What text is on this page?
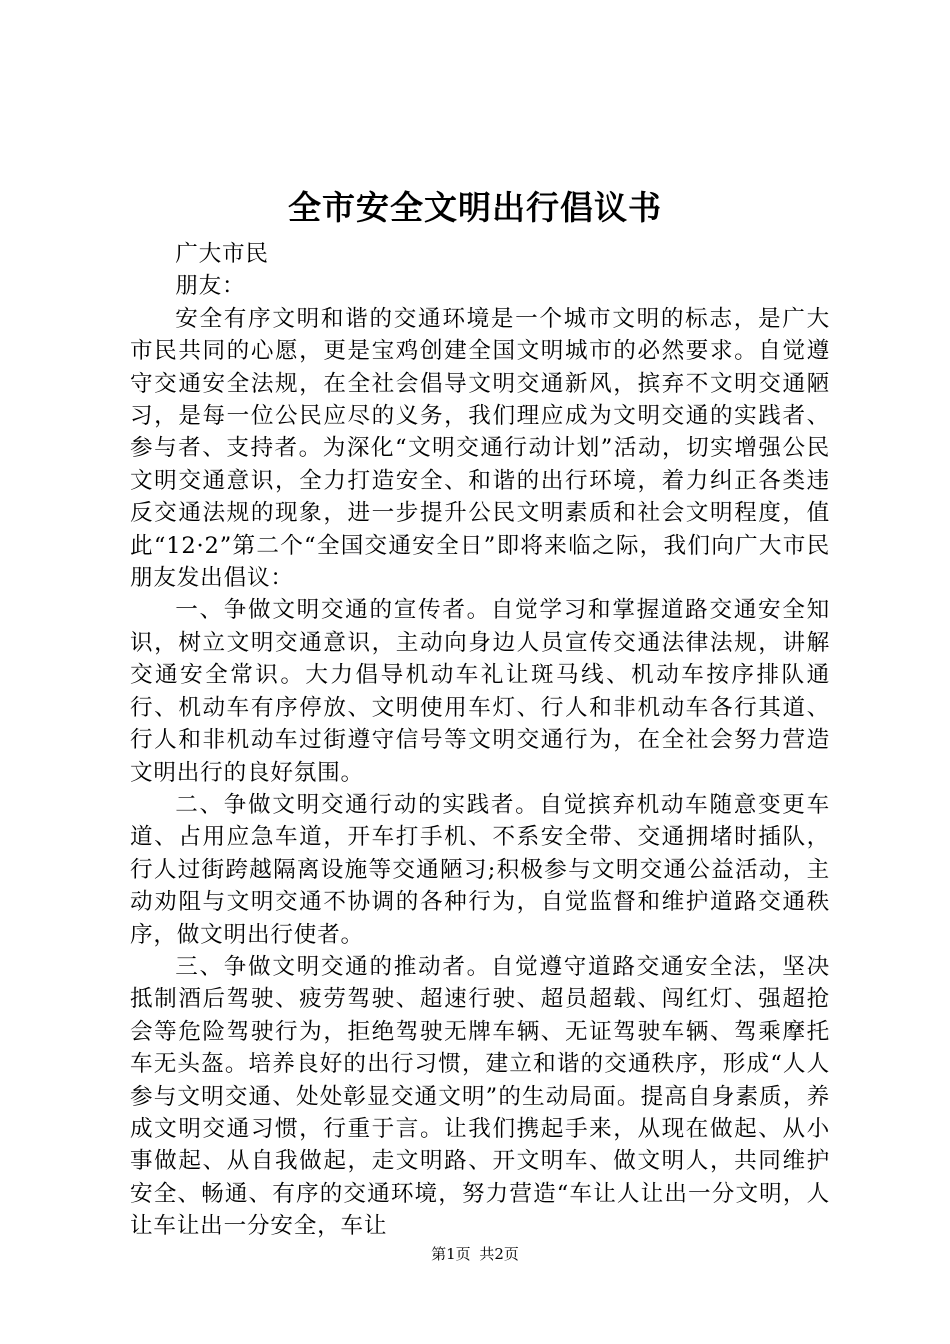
全市安全文明出行倡议书

广大市民

朋友：

安全有序文明和谐的交通环境是一个城市文明的标志，是广大市民共同的心愿，更是宝鸡创建全国文明城市的必然要求。自觉遵守交通安全法规，在全社会倡导文明交通新风，摈弃不文明交通陋习，是每一位公民应尽的义务，我们理应成为文明交通的实践者、参与者、支持者。为深化“文明交通行动计划”活动，切实增强公民文明交通意识，全力打造安全、和谐的出行环境，着力纠正各类违反交通法规的现象，进一步提升公民文明素质和社会文明程度，值此“12·2”第二个“全国交通安全日”即将来临之际，我们向广大市民朋友发出倡议：

一、争做文明交通的宣传者。自觉学习和掌握道路交通安全知识，树立文明交通意识，主动向身边人员宣传交通法律法规，讲解交通安全常识。大力倡导机动车礼让斑马线、机动车按序排队通行、机动车有序停放、文明使用车灯、行人和非机动车各行其道、行人和非机动车过街遵守信号等文明交通行为，在全社会努力营造文明出行的良好氛围。

二、争做文明交通行动的实践者。自觉摈弃机动车随意变更车道、占用应急车道，开车打手机、不系安全带、交通拥堵时插队，行人过街跨越隔离设施等交通陋习;积极参与文明交通公益活动，主动劝阻与文明交通不协调的各种行为，自觉监督和维护道路交通秩序，做文明出行使者。

三、争做文明交通的推动者。自觉遵守道路交通安全法，坚决抵制酒后驾驶、疲劳驾驶、超速行驶、超员超载、闯红灯、强超抢会等危险驾驶行为，拒绝驾驶无牌车辆、无证驾驶车辆、驾乘摩托车无头盔。培养良好的出行习惯，建立和谐的交通秩序，形成“人人参与文明交通、处处彰显交通文明”的生动局面。提高自身素质，养成文明交通习惯，行重于言。让我们携起手来，从现在做起、从小事做起、从自我做起，走文明路、开文明车、做文明人，共同维护安全、畅通、有序的交通环境，努力营造“车让人让出一分文明，人让车让出一分安全，车让

第1页 共2页
